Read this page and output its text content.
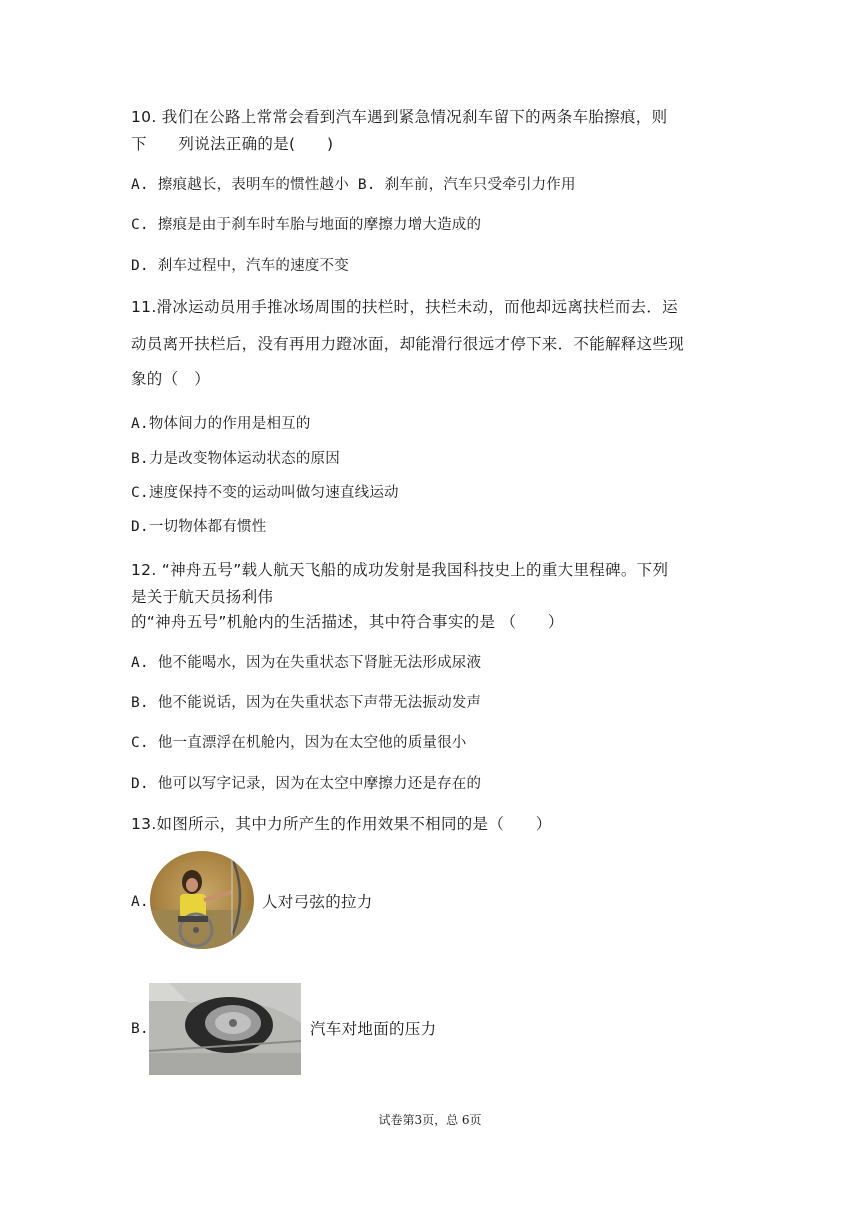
10. 我们在公路上常常会看到汽车遇到紧急情况刹车留下的两条车胎擦痕，则
下　　列说法正确的是(　　)
A. 擦痕越长，表明车的惯性越小 B. 刹车前，汽车只受牵引力作用
C. 擦痕是由于刹车时车胎与地面的摩擦力增大造成的
D. 刹车过程中，汽车的速度不变
11.滑冰运动员用手推冰场周围的扶栏时，扶栏未动，而他却远离扶栏而去．运
动员离开扶栏后，没有再用力蹬冰面，却能滑行很远才停下来．不能解释这些现
象的（　）
A.物体间力的作用是相互的
B.力是改变物体运动状态的原因
C.速度保持不变的运动叫做匀速直线运动
D.一切物体都有惯性
12. “神舟五号”载人航天飞船的成功发射是我国科技史上的重大里程碑。下列
是关于航天员扬利伟
的“神舟五号”机舱内的生活描述，其中符合事实的是 （　　）
A. 他不能喝水，因为在失重状态下肾脏无法形成尿液
B. 他不能说话，因为在失重状态下声带无法振动发声
C. 他一直漂浮在机舱内，因为在太空他的质量很小
D. 他可以写字记录，因为在太空中摩擦力还是存在的
13.如图所示，其中力所产生的作用效果不相同的是（　　）
A.	人对弓弦的拉力
B.	汽车对地面的压力
试卷第3页，总 6页
